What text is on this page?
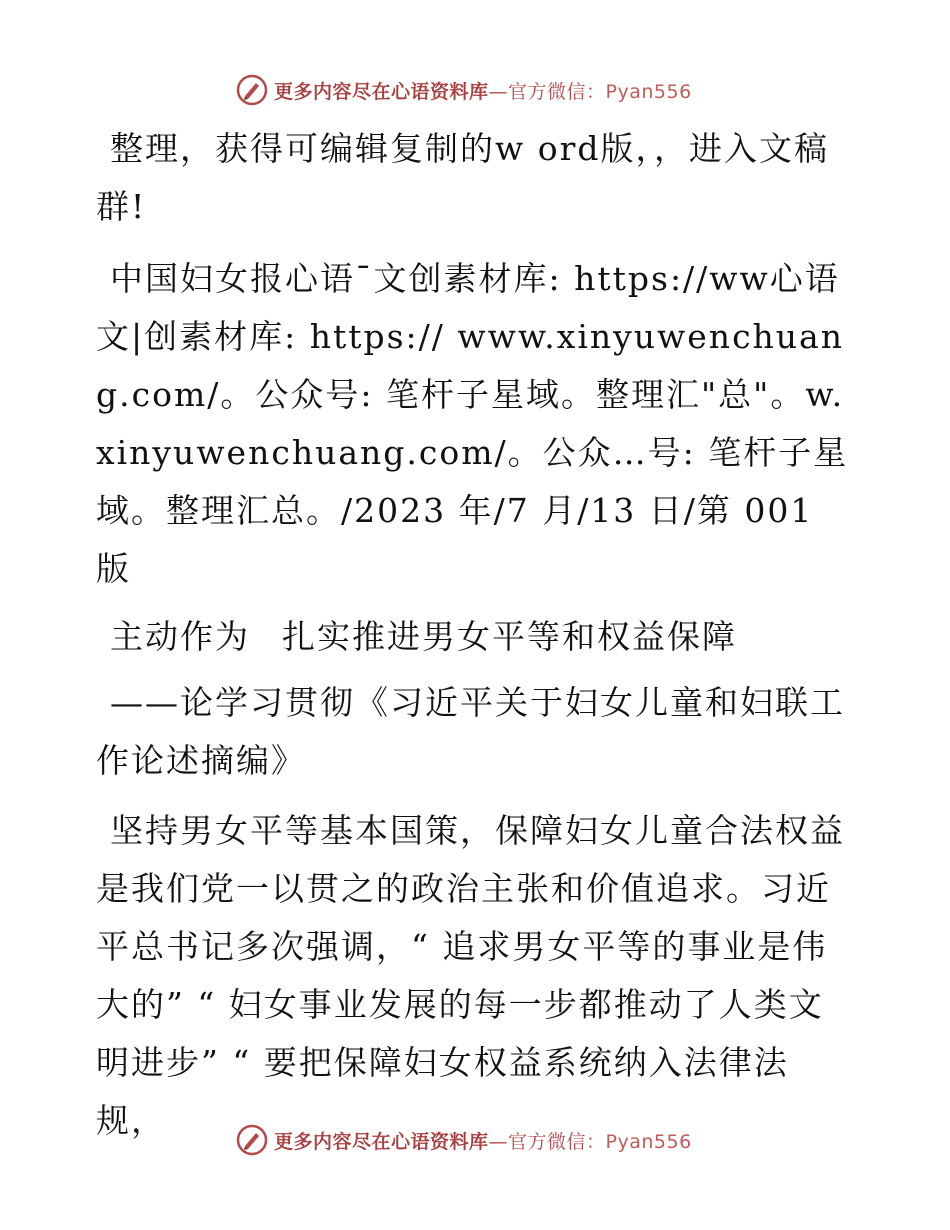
更多内容尽在心语资料库—官方微信：Pyan556

整理，获得可编辑复制的w ord版，，进入文稿群!

中国妇女报心语¯文创素材库: https://ww心语文|创素材库: https:// www.xinyuwenchuang.com/。公众号: 笔杆子星域。整理汇"总"。w.xinyuwenchuang.com/。公众…号: 笔杆子星域。整理汇总。/2023 年/7 月/13 日/第 001 版

主动作为 扎实推进男女平等和权益保障

——论学习贯彻《习近平关于妇女儿童和妇联工作论述摘编》

坚持男女平等基本国策，保障妇女儿童合法权益是我们党一以贯之的政治主张和价值追求。习近平总书记多次强调，“ 追求男女平等的事业是伟大的” “ 妇女事业发展的每一步都推动了人类文明进步” “ 要把保障妇女权益系统纳入法律法规，

更多内容尽在心语资料库—官方微信：Pyan556
